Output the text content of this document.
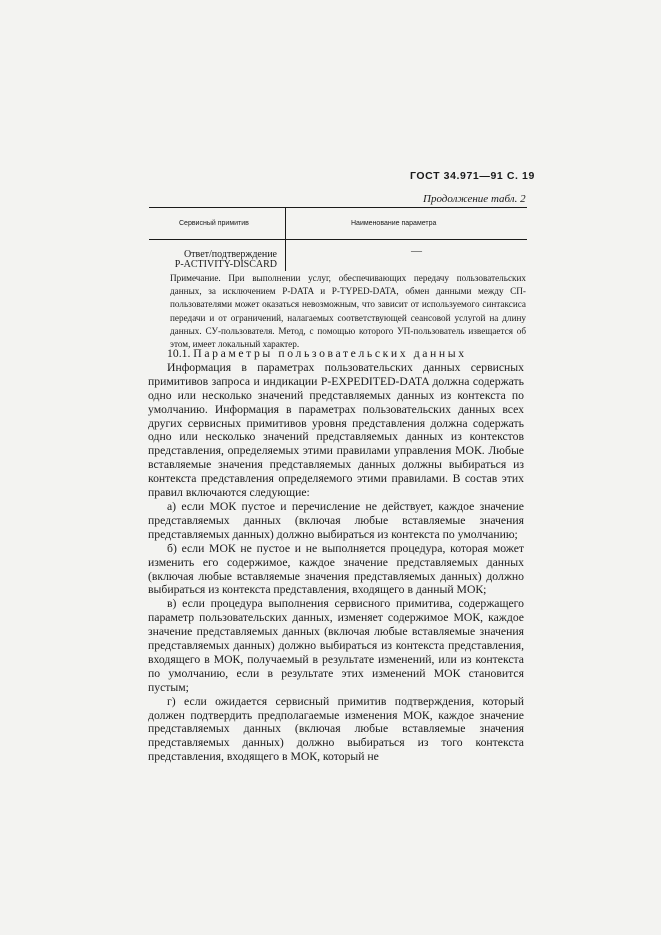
ГОСТ 34.971—91 С. 19
Продолжение табл. 2
Сервисный примитив	Наименование параметра
Ответ/подтверждение
P-ACTIVITY-DISCARD
—
Примечание. При выполнении услуг, обеспечивающих передачу пользовательских данных, за исключением P-DATA и P-TYPED-DATA, обмен данными между СП-пользователями может оказаться невозможным, что зависит от используемого синтаксиса передачи и от ограничений, налагаемых соответствующей сеансовой услугой на длину данных. СУ-пользователя. Метод, с помощью которого УП-пользователь извещается об этом, имеет локальный характер.

10.1. Параметры пользовательских данных

Информация в параметрах пользовательских данных сервисных примитивов запроса и индикации P-EXPEDITED-DATA должна содержать одно или несколько значений представляемых данных из контекста по умолчанию. Информация в параметрах пользовательских данных всех других сервисных примитивов уровня представления должна содержать одно или несколько значений представляемых данных из контекстов представления, определяемых этими правилами управления МОК. Любые вставляемые значения представляемых данных должны выбираться из контекста представления определяемого этими правилами. В состав этих правил включаются следующие:

а) если МОК пустое и перечисление не действует, каждое значение представляемых данных (включая любые вставляемые значения представляемых данных) должно выбираться из контекста по умолчанию;

б) если МОК не пустое и не выполняется процедура, которая может изменить его содержимое, каждое значение представляемых данных (включая любые вставляемые значения представляемых данных) должно выбираться из контекста представления, входящего в данный МОК;

в) если процедура выполнения сервисного примитива, содержащего параметр пользовательских данных, изменяет содержимое МОК, каждое значение представляемых данных (включая любые вставляемые значения представляемых данных) должно выбираться из контекста представления, входящего в МОК, получаемый в результате изменений, или из контекста по умолчанию, если в результате этих изменений МОК становится пустым;

г) если ожидается сервисный примитив подтверждения, который должен подтвердить предполагаемые изменения МОК, каждое значение представляемых данных (включая любые вставляемые значения представляемых данных) должно выбираться из того контекста представления, входящего в МОК, который не
